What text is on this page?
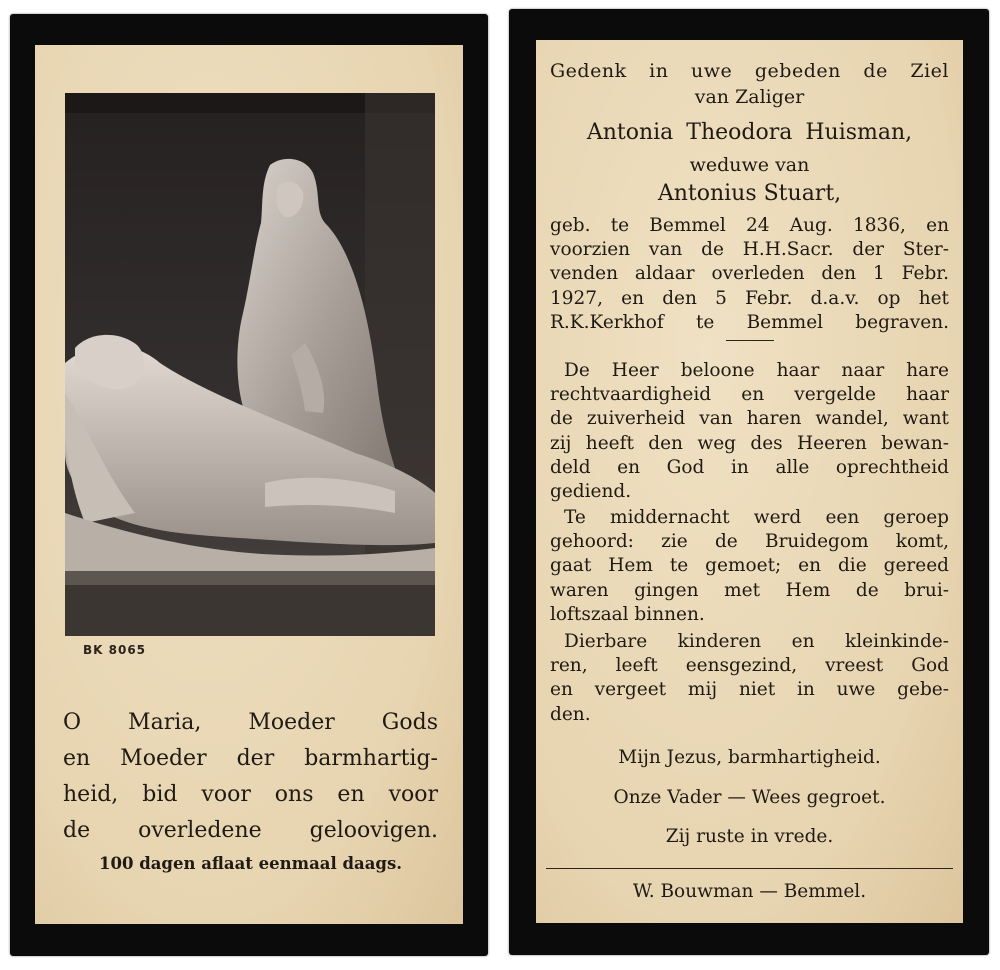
BK 8065
O Maria, Moeder Gods
en Moeder der barmhartig-
heid, bid voor ons en voor
de overledene geloovigen.
100 dagen aflaat eenmaal daags.
Gedenk in uwe gebeden de Ziel
van Zaliger
Antonia Theodora Huisman,
weduwe van
Antonius Stuart,
geb. te Bemmel 24 Aug. 1836, en
voorzien van de H.H.Sacr. der Ster-
venden aldaar overleden den 1 Febr.
1927, en den 5 Febr. d.a.v. op het
R.K.Kerkhof te Bemmel begraven.
De Heer beloone haar naar hare
rechtvaardigheid en vergelde haar
de zuiverheid van haren wandel, want
zij heeft den weg des Heeren bewan-
deld en God in alle oprechtheid
gediend.
Te middernacht werd een geroep
gehoord: zie de Bruidegom komt,
gaat Hem te gemoet; en die gereed
waren gingen met Hem de brui-
loftszaal binnen.
Dierbare kinderen en kleinkinde-
ren, leeft eensgezind, vreest God
en vergeet mij niet in uwe gebe-
den.
Mijn Jezus, barmhartigheid.
Onze Vader — Wees gegroet.
Zij ruste in vrede.
W. Bouwman — Bemmel.
